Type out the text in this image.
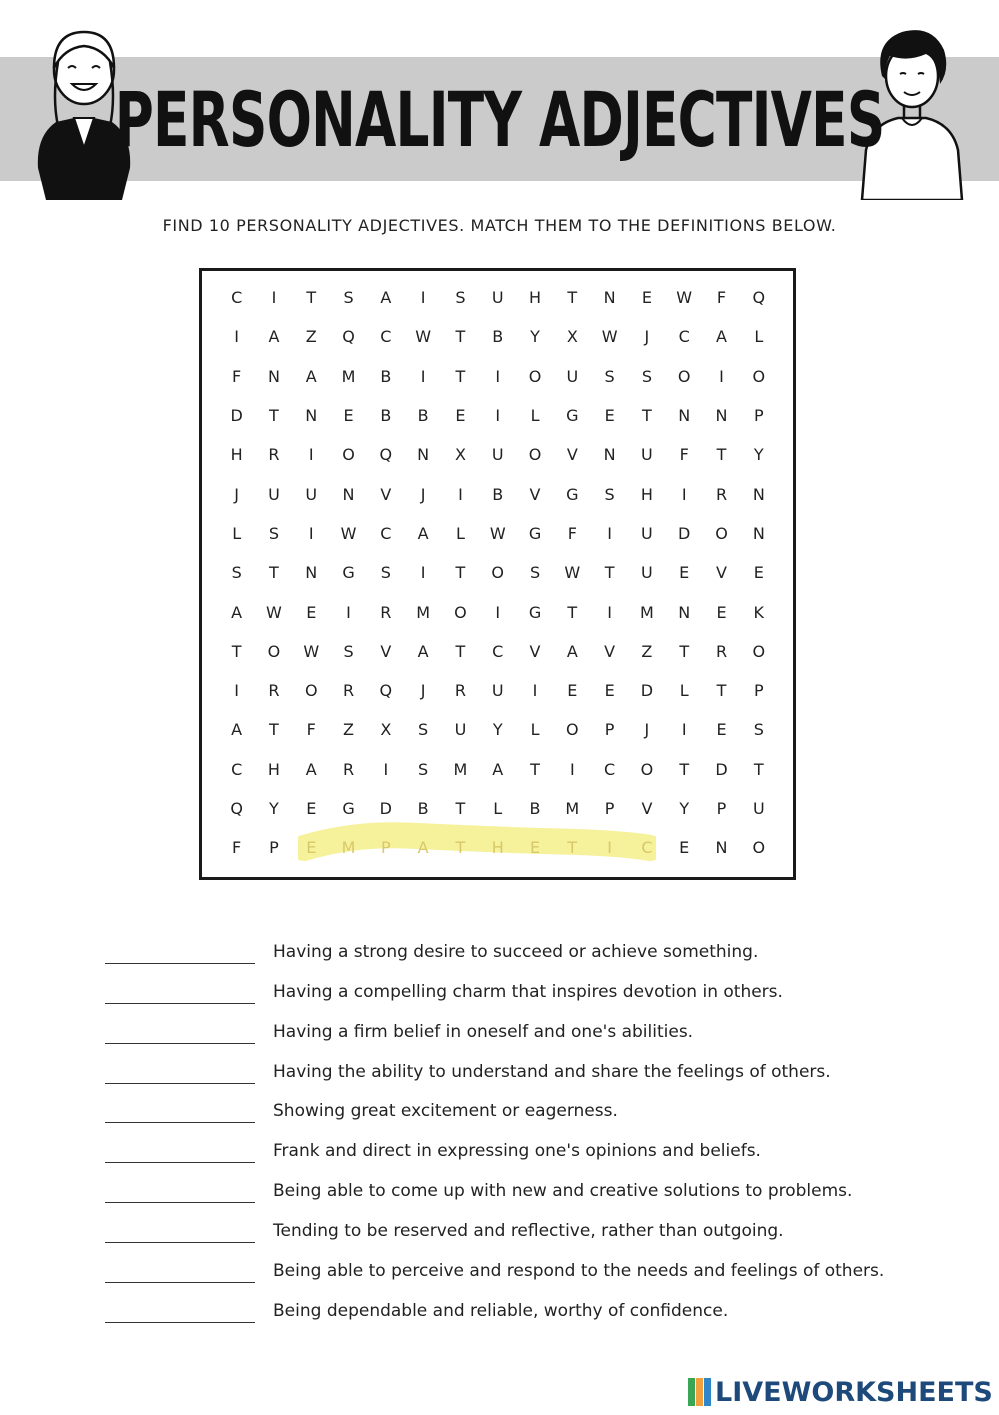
PERSONALITY ADJECTIVES
FIND 10 PERSONALITY ADJECTIVES. MATCH THEM TO THE DEFINITIONS BELOW.
C	I	T	S	A	I	S	U	H	T	N	E	W	F	Q
I	A	Z	Q	C	W	T	B	Y	X	W	J	C	A	L
F	N	A	M	B	I	T	I	O	U	S	S	O	I	O
D	T	N	E	B	B	E	I	L	G	E	T	N	N	P
H	R	I	O	Q	N	X	U	O	V	N	U	F	T	Y
J	U	U	N	V	J	I	B	V	G	S	H	I	R	N
L	S	I	W	C	A	L	W	G	F	I	U	D	O	N
S	T	N	G	S	I	T	O	S	W	T	U	E	V	E
A	W	E	I	R	M	O	I	G	T	I	M	N	E	K
T	O	W	S	V	A	T	C	V	A	V	Z	T	R	O
I	R	O	R	Q	J	R	U	I	E	E	D	L	T	P
A	T	F	Z	X	S	U	Y	L	O	P	J	I	E	S
C	H	A	R	I	S	M	A	T	I	C	O	T	D	T
Q	Y	E	G	D	B	T	L	B	M	P	V	Y	P	U
F	P	E	M	P	A	T	H	E	T	I	C	E	N	O
Having a strong desire to succeed or achieve something.
Having a compelling charm that inspires devotion in others.
Having a firm belief in oneself and one's abilities.
Having the ability to understand and share the feelings of others.
Showing great excitement or eagerness.
Frank and direct in expressing one's opinions and beliefs.
Being able to come up with new and creative solutions to problems.
Tending to be reserved and reflective, rather than outgoing.
Being able to perceive and respond to the needs and feelings of others.
Being dependable and reliable, worthy of confidence.
LIVEWORKSHEETS
